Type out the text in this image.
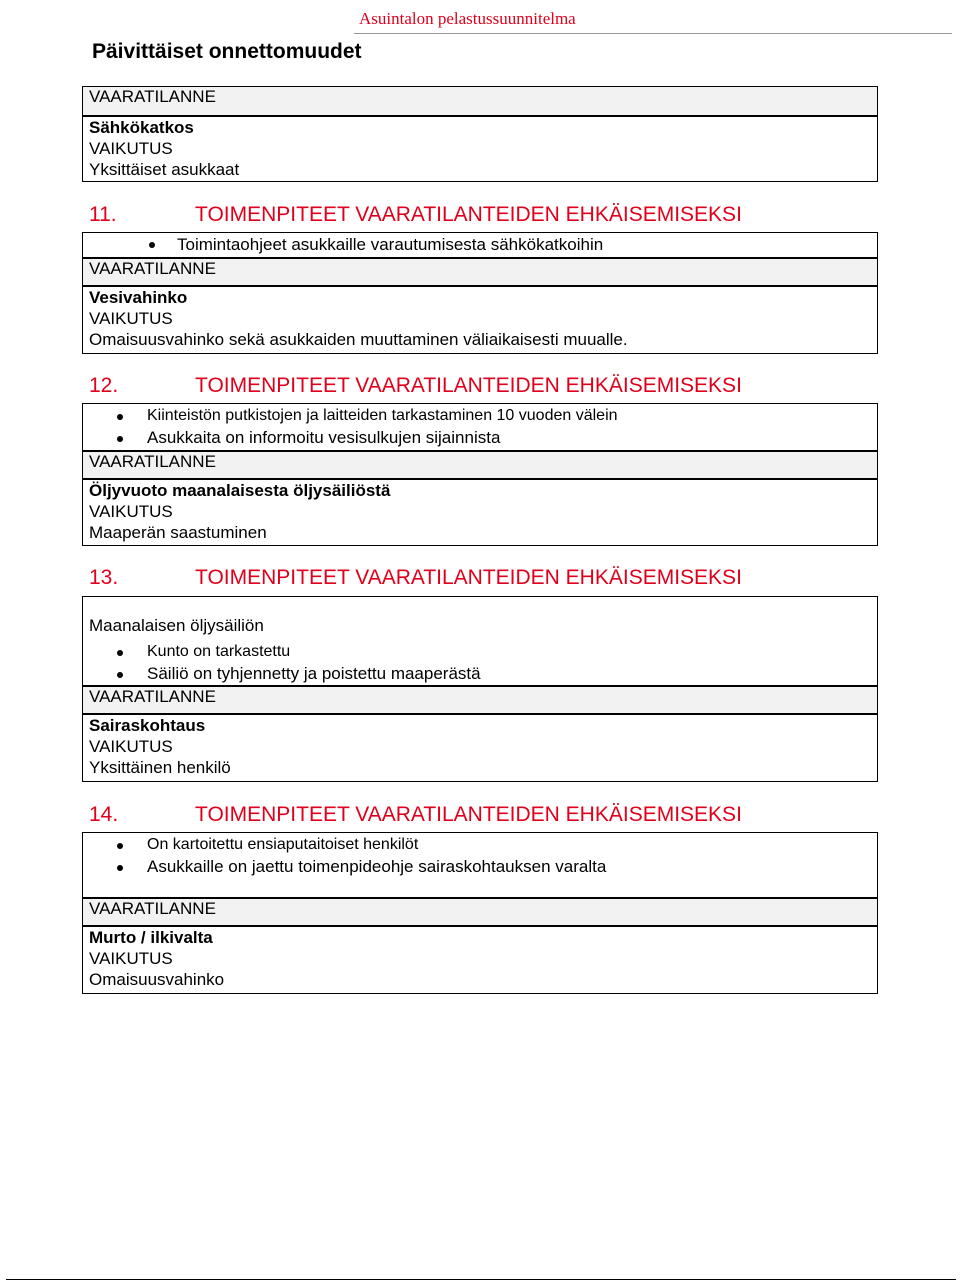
Asuintalon pelastussuunnitelma
Päivittäiset onnettomuudet
VAARATILANNE
Sähkökatkos
VAIKUTUS
Yksittäiset asukkaat
11.	TOIMENPITEET VAARATILANTEIDEN EHKÄISEMISEKSI
Toimintaohjeet asukkaille varautumisesta sähkökatkoihin
VAARATILANNE
Vesivahinko
VAIKUTUS
Omaisuusvahinko sekä asukkaiden muuttaminen väliaikaisesti muualle.
12.	TOIMENPITEET VAARATILANTEIDEN EHKÄISEMISEKSI
Kiinteistön putkistojen ja laitteiden tarkastaminen 10 vuoden välein
Asukkaita on informoitu vesisulkujen sijainnista
VAARATILANNE
Öljyvuoto maanalaisesta öljysäiliöstä
VAIKUTUS
Maaperän saastuminen
13.	TOIMENPITEET VAARATILANTEIDEN EHKÄISEMISEKSI
Maanalaisen öljysäiliön
Kunto on tarkastettu
Säiliö on tyhjennetty ja poistettu maaperästä
VAARATILANNE
Sairaskohtaus
VAIKUTUS
Yksittäinen henkilö
14.	TOIMENPITEET VAARATILANTEIDEN EHKÄISEMISEKSI
On kartoitettu ensiaputaitoiset henkilöt
Asukkaille on jaettu toimenpideohje sairaskohtauksen varalta
VAARATILANNE
Murto / ilkivalta
VAIKUTUS
Omaisuusvahinko
